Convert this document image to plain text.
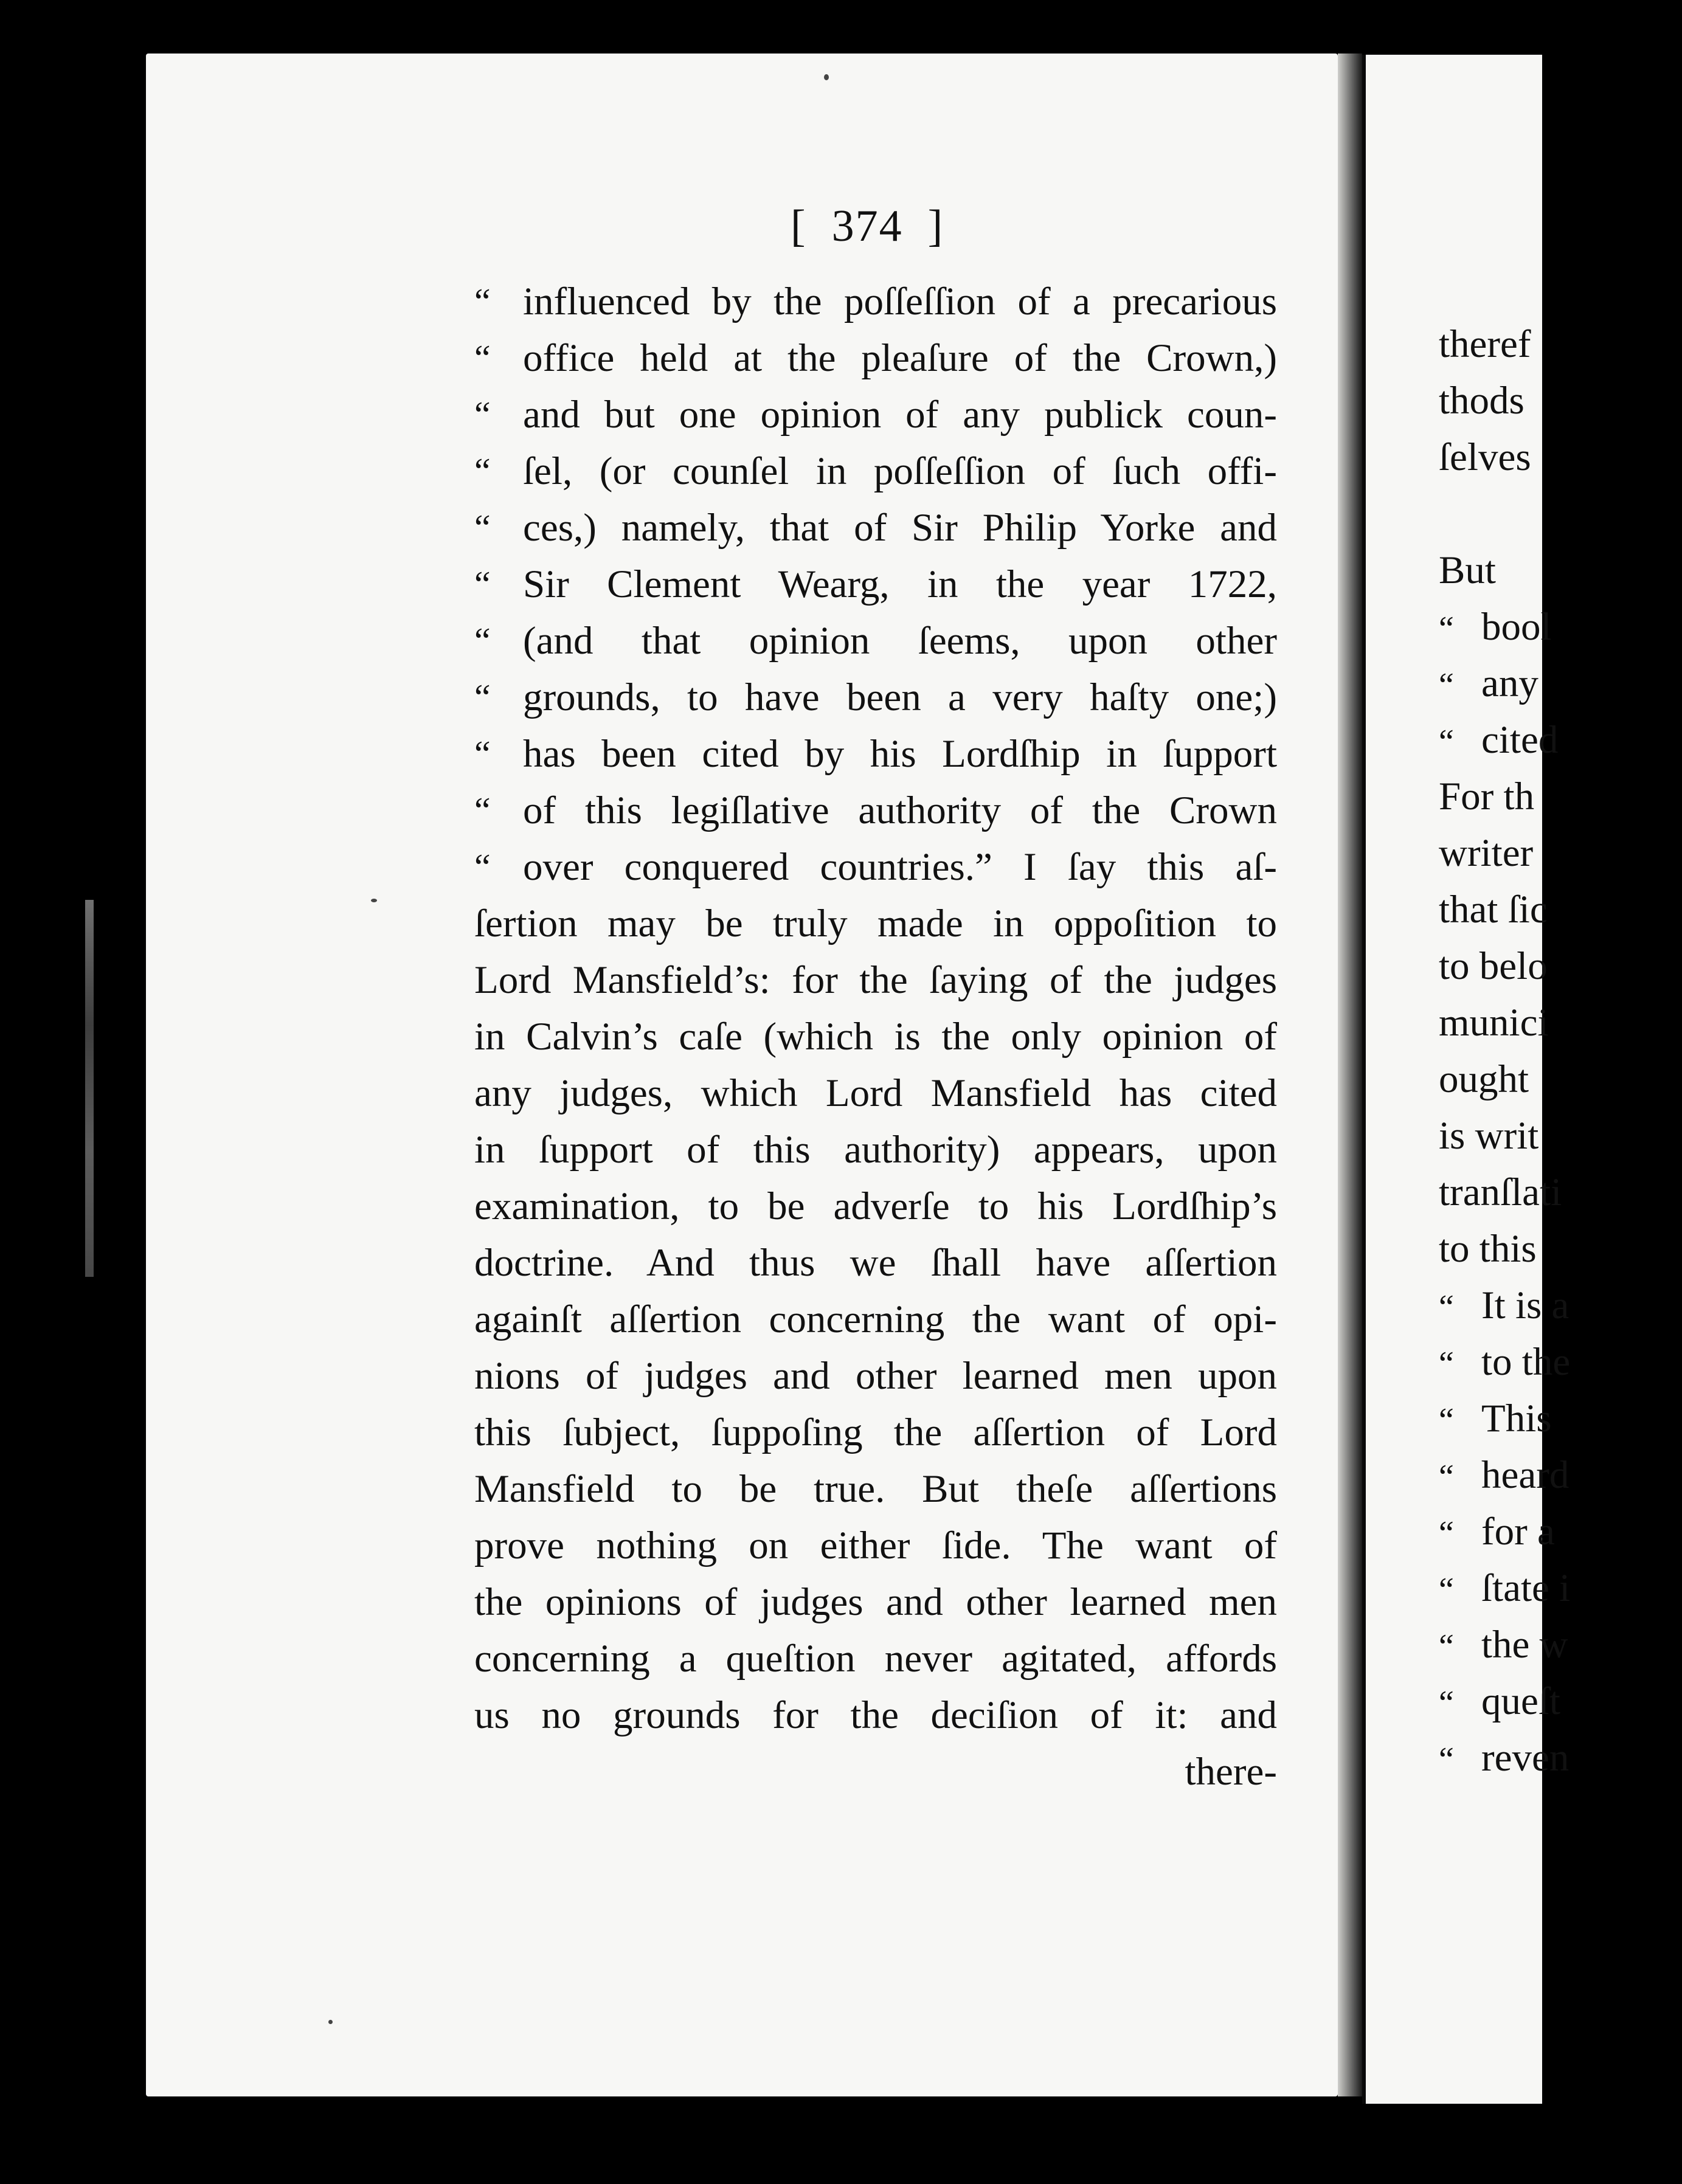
theref
thods
ſelves
But
“ bool
“ any
“ cited
For th
writer
that ſic
to belo
munici
ought
is writ
tranſlati
to this
“ It is a
“ to the
“ This
“ heard
“ for a
“ ſtate i
“ the w
“ queſt
“ reven
[  374  ]
“ influenced by the poſſeſſion of a precarious
“ office held at the pleaſure of the Crown,)
“ and but one opinion of any publick coun-
“ ſel, (or counſel in poſſeſſion of ſuch offi-
“ ces,) namely, that of Sir Philip Yorke and
“ Sir Clement Wearg, in the year 1722,
“ (and that opinion ſeems, upon other
“ grounds, to have been a very haſty one;)
“ has been cited by his Lordſhip in ſupport
“ of this legiſlative authority of the Crown
“ over conquered countries.” I ſay this aſ-
ſertion may be truly made in oppoſition to
Lord Mansfield’s: for the ſaying of the judges
in Calvin’s caſe (which is the only opinion of
any judges, which Lord Mansfield has cited
in ſupport of this authority) appears, upon
examination, to be adverſe to his Lordſhip’s
doctrine. And thus we ſhall have aſſertion
againſt aſſertion concerning the want of opi-
nions of judges and other learned men upon
this ſubject, ſuppoſing the aſſertion of Lord
Mansfield to be true. But theſe aſſertions
prove nothing on either ſide. The want of
the opinions of judges and other learned men
concerning a queſtion never agitated, affords
us no grounds for the deciſion of it: and
there-
